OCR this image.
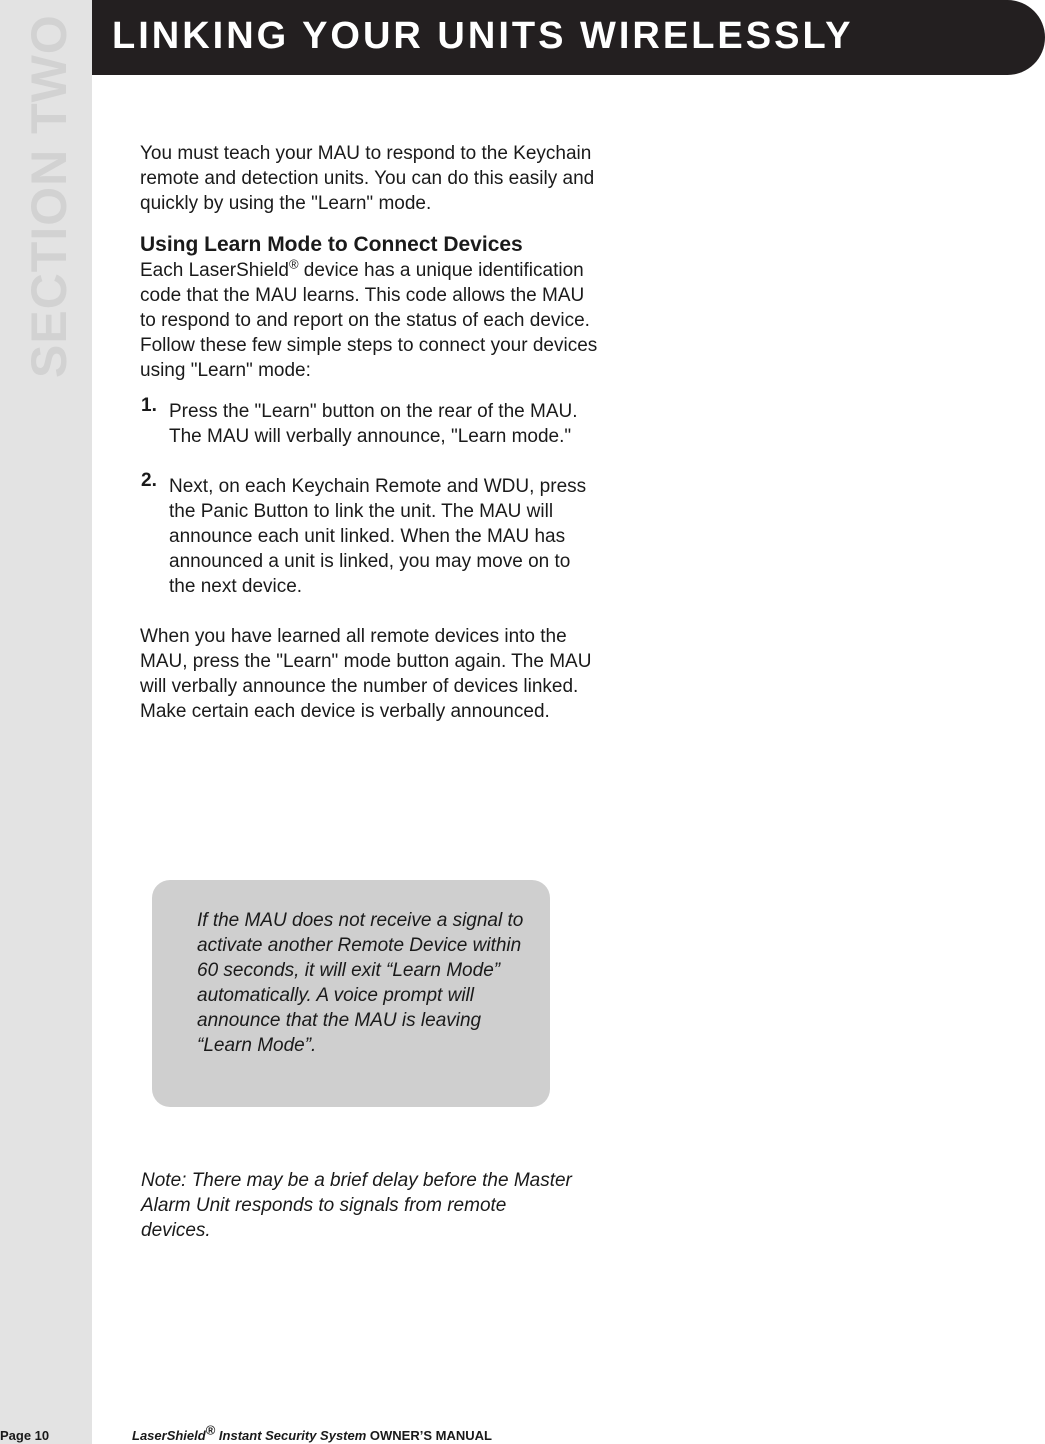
SECTION TWO LINKING YOUR UNITS WIRELESSLY

You must teach your MAU to respond to the Keychain remote and detection units. You can do this easily and quickly by using the "Learn" mode.

Using Learn Mode to Connect Devices

Each LaserShield® device has a unique identification code that the MAU learns. This code allows the MAU to respond to and report on the status of each device. Follow these few simple steps to connect your devices using "Learn" mode:

1. Press the "Learn" button on the rear of the MAU. The MAU will verbally announce, "Learn mode."
2. Next, on each Keychain Remote and WDU, press the Panic Button to link the unit. The MAU will announce each unit linked. When the MAU has announced a unit is linked, you may move on to the next device.

When you have learned all remote devices into the MAU, press the "Learn" mode button again. The MAU will verbally announce the number of devices linked. Make certain each device is verbally announced.

If the MAU does not receive a signal to activate another Remote Device within 60 seconds, it will exit “Learn Mode” automatically. A voice prompt will announce that the MAU is leaving “Learn Mode”.
Note: There may be a brief delay before the Master Alarm Unit responds to signals from remote devices.
Page 10	LaserShield® Instant Security System OWNER’S MANUAL
